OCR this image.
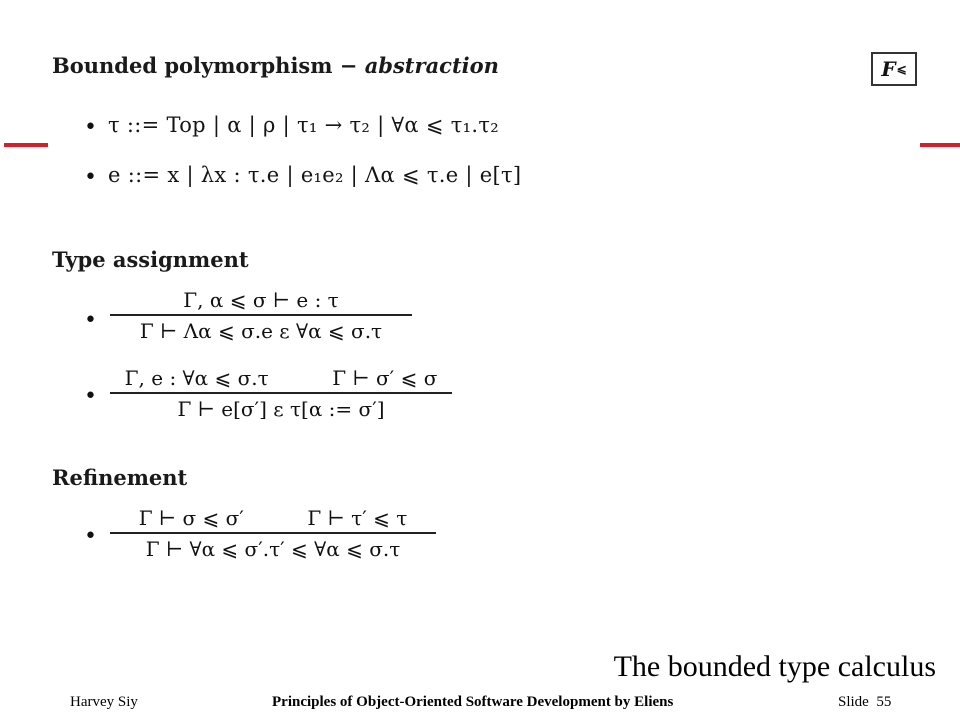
Bounded polymorphism − abstraction	F ⩽
• τ ::= Top | α | ρ | τ₁ → τ₂ | ∀α ⩽ τ₁.τ₂
• e ::= x | λx : τ.e | e₁e₂ | Λα ⩽ τ.e | e[τ]
Type assignment
•
Γ, α ⩽ σ ⊢ e : τ
Γ ⊢ Λα ⩽ σ.e ε ∀α ⩽ σ.τ
•
Γ, e : ∀α ⩽ σ.τ          Γ ⊢ σ′ ⩽ σ
Γ ⊢ e[σ′] ε τ[α := σ′]
Refinement
•
Γ ⊢ σ ⩽ σ′          Γ ⊢ τ′ ⩽ τ
Γ ⊢ ∀α ⩽ σ′.τ′ ⩽ ∀α ⩽ σ.τ
The bounded type calculus
Harvey Siy	Principles of Object-Oriented Software Development by Eliens	Slide  55
